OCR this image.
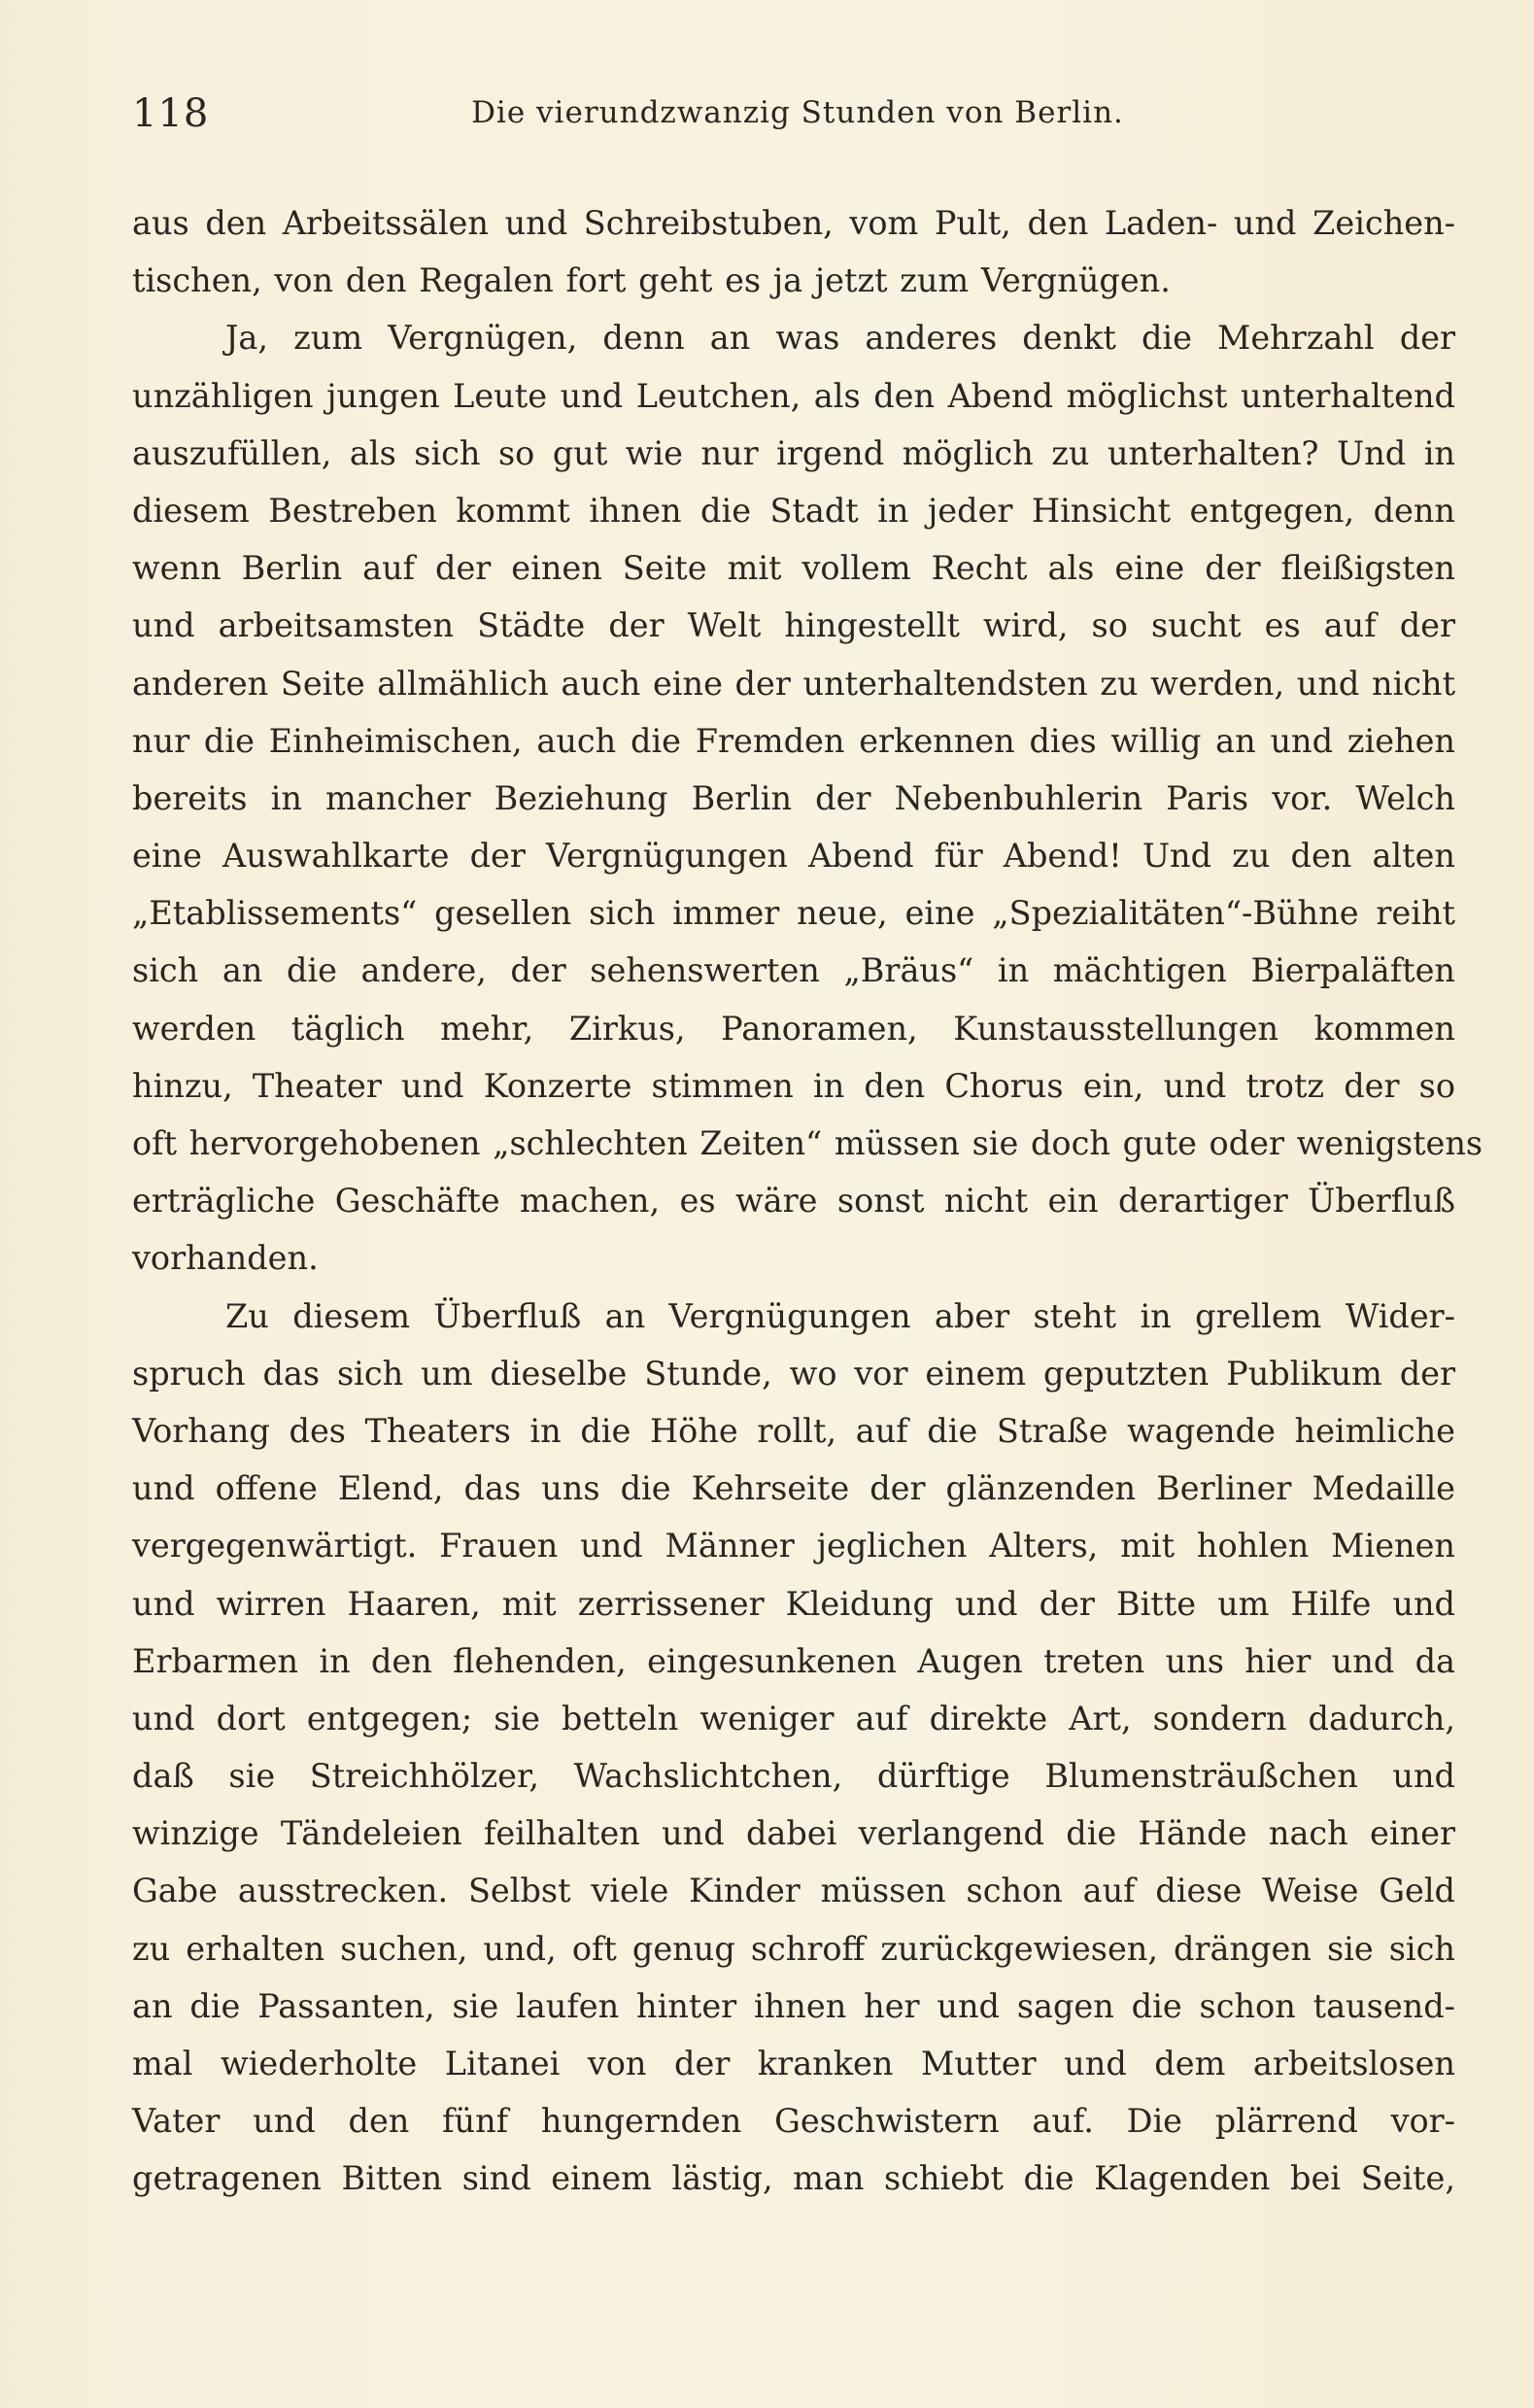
118	Die vierundzwanzig Stunden von Berlin.
aus den Arbeitssälen und Schreibstuben, vom Pult, den Laden- und Zeichen-
tischen, von den Regalen fort geht es ja jetzt zum Vergnügen.
Ja, zum Vergnügen, denn an was anderes denkt die Mehrzahl der
unzähligen jungen Leute und Leutchen, als den Abend möglichst unterhaltend
auszufüllen, als sich so gut wie nur irgend möglich zu unterhalten? Und in
diesem Bestreben kommt ihnen die Stadt in jeder Hinsicht entgegen, denn
wenn Berlin auf der einen Seite mit vollem Recht als eine der fleißigsten
und arbeitsamsten Städte der Welt hingestellt wird, so sucht es auf der
anderen Seite allmählich auch eine der unterhaltendsten zu werden, und nicht
nur die Einheimischen, auch die Fremden erkennen dies willig an und ziehen
bereits in mancher Beziehung Berlin der Nebenbuhlerin Paris vor. Welch
eine Auswahlkarte der Vergnügungen Abend für Abend! Und zu den alten
„Etablissements“ gesellen sich immer neue, eine „Spezialitäten“-Bühne reiht
sich an die andere, der sehenswerten „Bräus“ in mächtigen Bierpaläften
werden täglich mehr, Zirkus, Panoramen, Kunstausstellungen kommen
hinzu, Theater und Konzerte stimmen in den Chorus ein, und trotz der so
oft hervorgehobenen „schlechten Zeiten“ müssen sie doch gute oder wenigstens
erträgliche Geschäfte machen, es wäre sonst nicht ein derartiger Überfluß
vorhanden.
Zu diesem Überfluß an Vergnügungen aber steht in grellem Wider-
spruch das sich um dieselbe Stunde, wo vor einem geputzten Publikum der
Vorhang des Theaters in die Höhe rollt, auf die Straße wagende heimliche
und offene Elend, das uns die Kehrseite der glänzenden Berliner Medaille
vergegenwärtigt. Frauen und Männer jeglichen Alters, mit hohlen Mienen
und wirren Haaren, mit zerrissener Kleidung und der Bitte um Hilfe und
Erbarmen in den flehenden, eingesunkenen Augen treten uns hier und da
und dort entgegen; sie betteln weniger auf direkte Art, sondern dadurch,
daß sie Streichhölzer, Wachslichtchen, dürftige Blumensträußchen und
winzige Tändeleien feilhalten und dabei verlangend die Hände nach einer
Gabe ausstrecken. Selbst viele Kinder müssen schon auf diese Weise Geld
zu erhalten suchen, und, oft genug schroff zurückgewiesen, drängen sie sich
an die Passanten, sie laufen hinter ihnen her und sagen die schon tausend-
mal wiederholte Litanei von der kranken Mutter und dem arbeitslosen
Vater und den fünf hungernden Geschwistern auf. Die plärrend vor-
getragenen Bitten sind einem lästig, man schiebt die Klagenden bei Seite,
